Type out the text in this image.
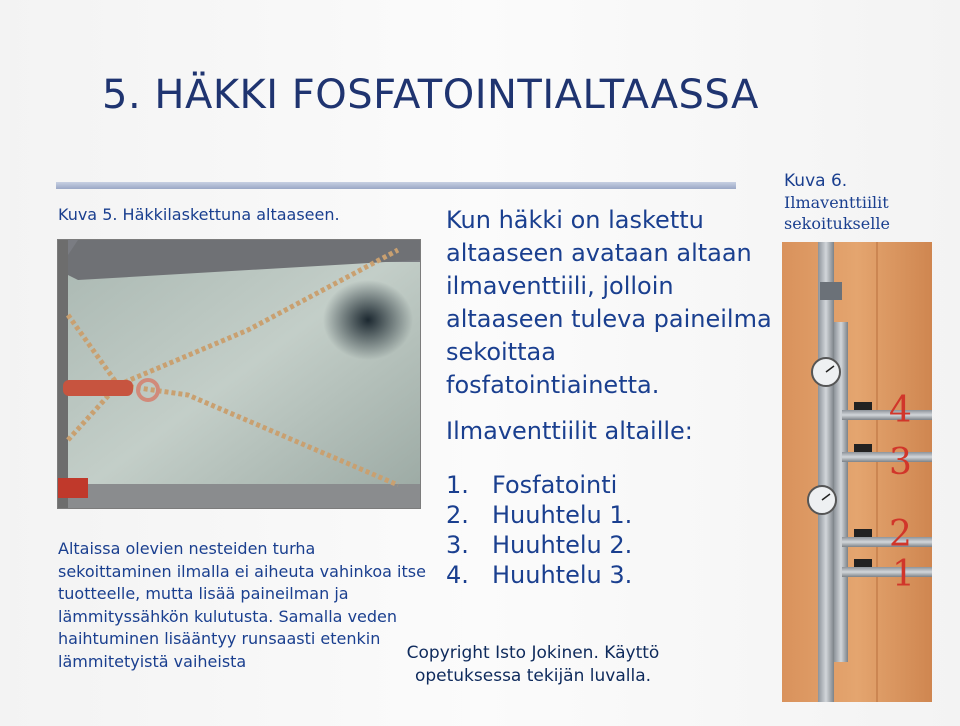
5. HÄKKI FOSFATOINTIALTAASSA
Kuva 5. Häkkilaskettuna altaaseen.

Altaissa olevien nesteiden turha sekoittaminen ilmalla ei aiheuta vahinkoa itse tuotteelle, mutta lisää paineilman ja lämmityssähkön kulutusta. Samalla veden haihtuminen lisääntyy runsaasti etenkin lämmitetyistä vaiheista

Kun häkki on laskettu altaaseen avataan altaan ilmaventtiili, jolloin altaaseen tuleva paineilma sekoittaa fosfatointiainetta.

Ilmaventtiilit altaille:

1. Fosfatointi
2. Huuhtelu 1.
3. Huuhtelu 2.
4. Huuhtelu 3.

Copyright Isto Jokinen. Käyttö opetuksessa tekijän luvalla.

Kuva 6.
Ilmaventtiilit sekoitukselle

4
3
2
1
